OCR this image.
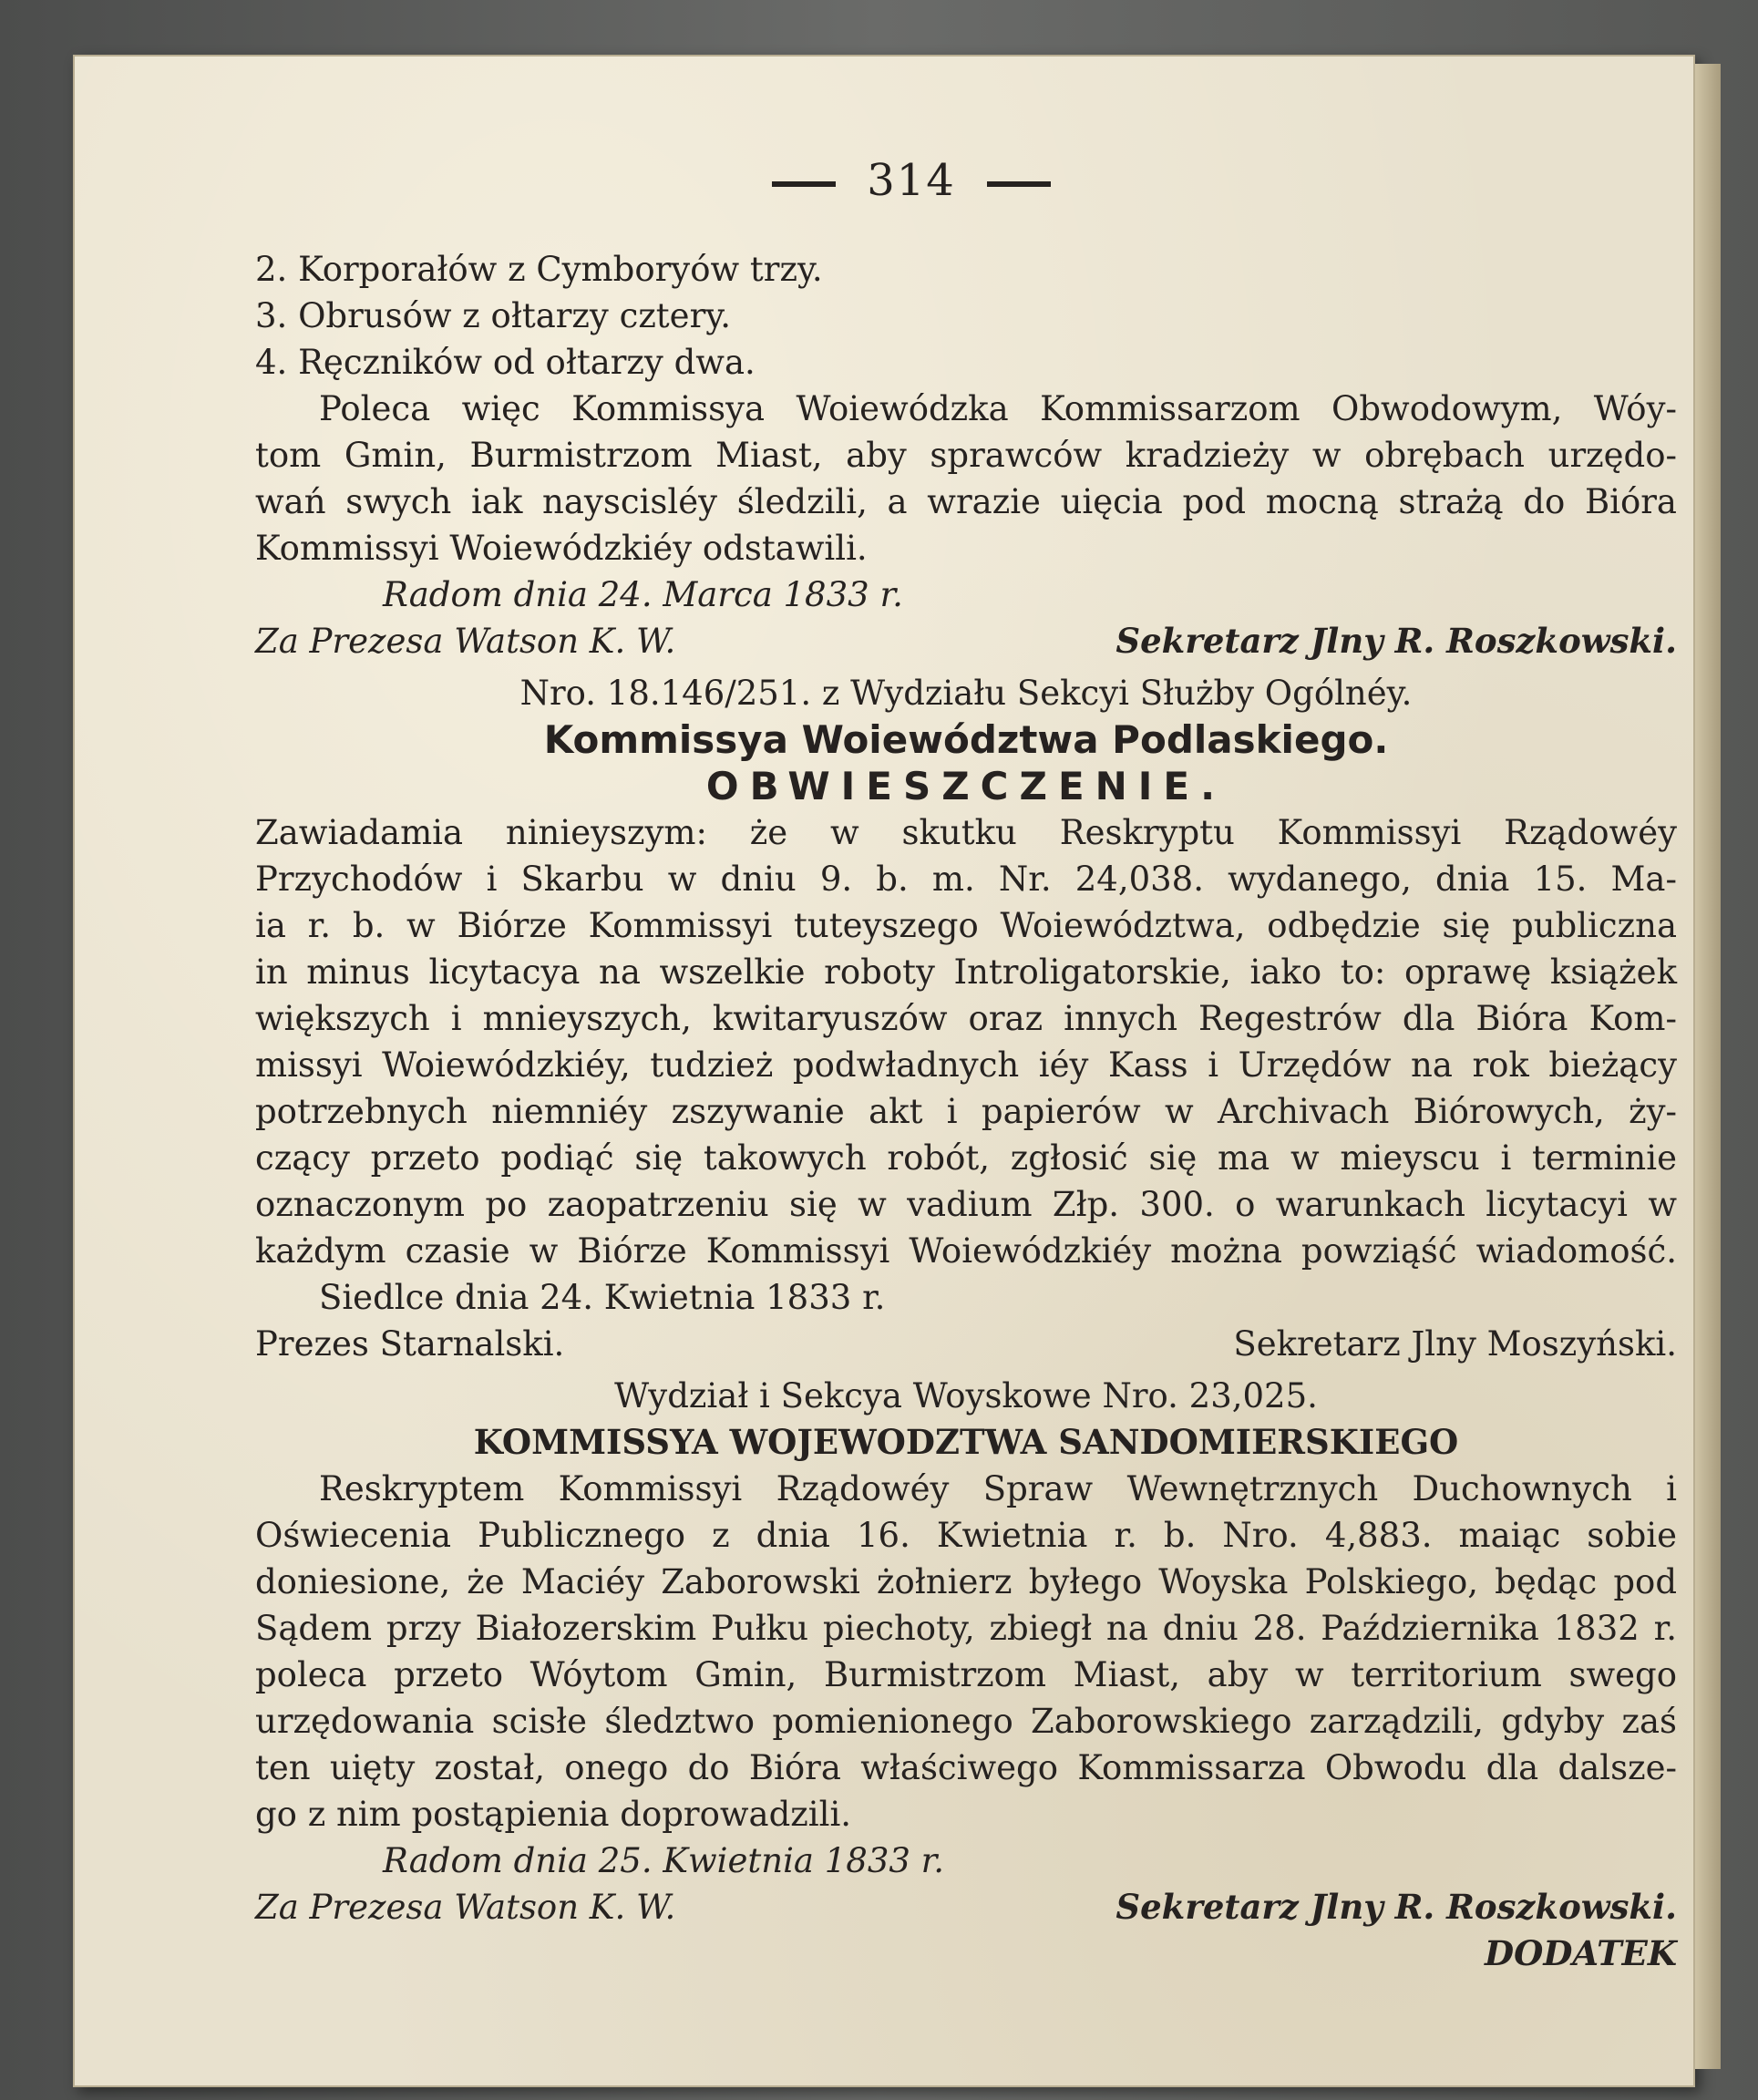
314
2. Korporałów z Cymboryów trzy.
3. Obrusów z ołtarzy cztery.
4. Ręczników od ołtarzy dwa.
Poleca więc Kommissya Woiewódzka Kommissarzom Obwodowym, Wóy-
tom Gmin, Burmistrzom Miast, aby sprawców kradzieży w obrębach urzędo-
wań swych iak nayscisléy śledzili, a wrazie uięcia pod mocną strażą do Bióra
Kommissyi Woiewódzkiéy odstawili.
Radom dnia 24. Marca 1833 r.
Za Prezesa Watson K. W.	Sekretarz Jlny R. Roszkowski.
Nro. 18.146/251. z Wydziału Sekcyi Służby Ogólnéy.
Kommissya Woiewództwa Podlaskiego.
OBWIESZCZENIE.
Zawiadamia ninieyszym: że w skutku Reskryptu Kommissyi Rządowéy
Przychodów i Skarbu w dniu 9. b. m. Nr. 24,038. wydanego, dnia 15. Ma-
ia r. b. w Biórze Kommissyi tuteyszego Woiewództwa, odbędzie się publiczna
in minus licytacya na wszelkie roboty Introligatorskie, iako to: oprawę książek
większych i mnieyszych, kwitaryuszów oraz innych Regestrów dla Bióra Kom-
missyi Woiewódzkiéy, tudzież podwładnych iéy Kass i Urzędów na rok bieżący
potrzebnych niemniéy zszywanie akt i papierów w Archivach Biórowych, ży-
czący przeto podiąć się takowych robót, zgłosić się ma w mieyscu i terminie
oznaczonym po zaopatrzeniu się w vadium Złp. 300. o warunkach licytacyi w
każdym czasie w Biórze Kommissyi Woiewódzkiéy można powziąść wiadomość.
Siedlce dnia 24. Kwietnia 1833 r.
Prezes Starnalski.	Sekretarz Jlny Moszyński.
Wydział i Sekcya Woyskowe Nro. 23,025.
KOMMISSYA WOJEWODZTWA SANDOMIERSKIEGO
Reskryptem Kommissyi Rządowéy Spraw Wewnętrznych Duchownych i
Oświecenia Publicznego z dnia 16. Kwietnia r. b. Nro. 4,883. maiąc sobie
doniesione, że Maciéy Zaborowski żołnierz byłego Woyska Polskiego, będąc pod
Sądem przy Białozerskim Pułku piechoty, zbiegł na dniu 28. Października 1832 r.
poleca przeto Wóytom Gmin, Burmistrzom Miast, aby w territorium swego
urzędowania scisłe śledztwo pomienionego Zaborowskiego zarządzili, gdyby zaś
ten uięty został, onego do Bióra właściwego Kommissarza Obwodu dla dalsze-
go z nim postąpienia doprowadzili.
Radom dnia 25. Kwietnia 1833 r.
Za Prezesa Watson K. W.	Sekretarz Jlny R. Roszkowski.
DODATEK
